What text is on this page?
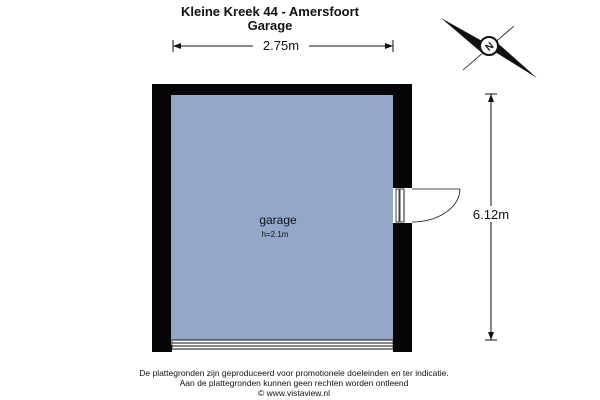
Kleine Kreek 44 - Amersfoort
Garage
2.75m
6.12m
garage
h=2.1m
N
De plattegronden zijn geproduceerd voor promotionele doeleinden en ter indicatie.
Aan de plattegronden kunnen geen rechten worden ontleend
© www.vistaview.nl
